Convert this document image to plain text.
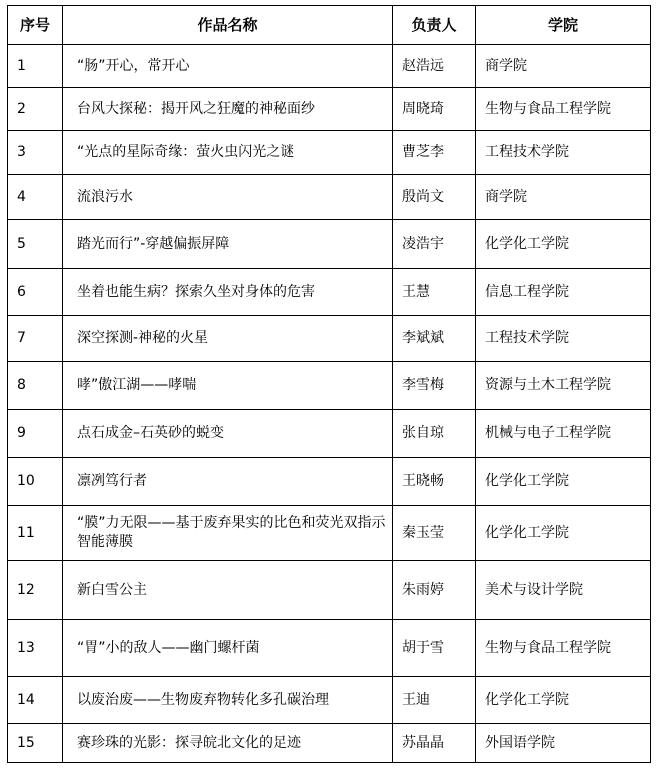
序号	作品名称	负责人	学院
1	“肠”开心，常开心	赵浩远	商学院
2	台风大探秘：揭开风之狂魔的神秘面纱	周晓琦	生物与食品工程学院
3	“光点的星际奇缘：萤火虫闪光之谜	曹芝李	工程技术学院
4	流浪污水	殷尚文	商学院
5	踏光而行”-穿越偏振屏障	凌浩宇	化学化工学院
6	坐着也能生病？探索久坐对身体的危害	王慧	信息工程学院
7	深空探测-神秘的火星	李斌斌	工程技术学院
8	哮”傲江湖——哮喘	李雪梅	资源与土木工程学院
9	点石成金–石英砂的蜕变	张自琼	机械与电子工程学院
10	凛冽笃行者	王晓畅	化学化工学院
11	“膜”力无限——基于废弃果实的比色和荧光双指示智能薄膜	秦玉莹	化学化工学院
12	新白雪公主	朱雨婷	美术与设计学院
13	“胃”小的敌人——幽门螺杆菌	胡于雪	生物与食品工程学院
14	以废治废——生物废弃物转化多孔碳治理	王迪	化学化工学院
15	赛珍珠的光影：探寻皖北文化的足迹	苏晶晶	外国语学院
